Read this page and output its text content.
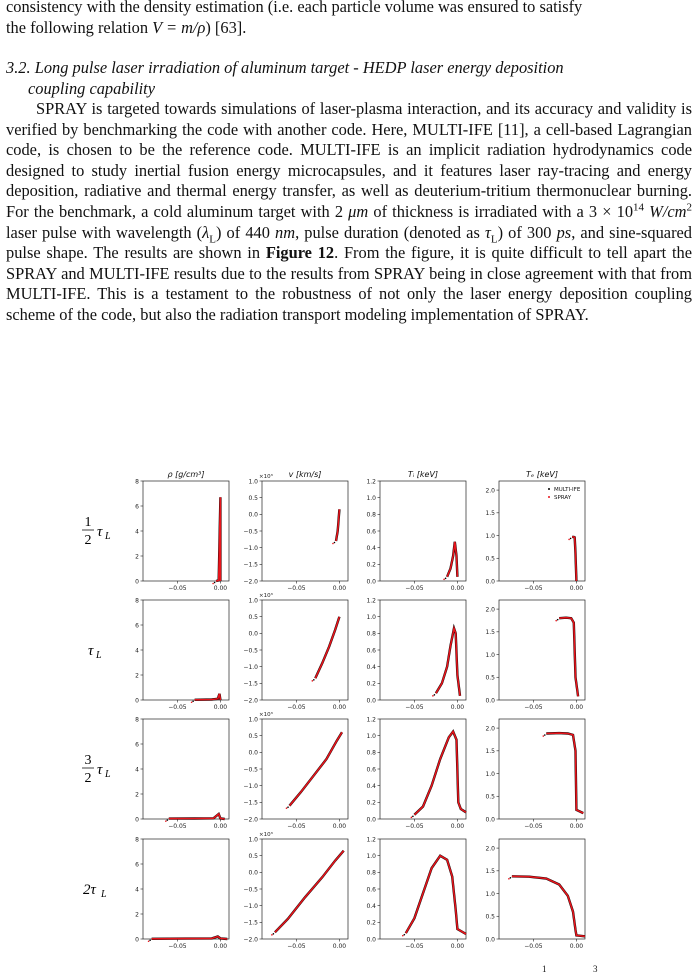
consistency with the density estimation (i.e. each particle volume was ensured to satisfy
the following relation V = m/ρ) [63].

3.2. Long pulse laser irradiation of aluminum target - HEDP laser energy deposition
coupling capability

SPRAY is targeted towards simulations of laser-plasma interaction, and its accuracy and validity is verified by benchmarking the code with another code. Here, MULTI-IFE [11], a cell-based Lagrangian code, is chosen to be the reference code. MULTI-IFE is an implicit radiation hydrodynamics code designed to study inertial fusion energy microcapsules, and it features laser ray-tracing and energy deposition, radiative and thermal energy transfer, as well as deuterium-tritium thermonuclear burning. For the benchmark, a cold aluminum target with 2 μm of thickness is irradiated with a $3 \times 10^{14}$ $W/cm^2$ laser pulse with wavelength $(\lambda_L)$ of 440 nm, pulse duration (denoted as $\tau_L$) of 300 ps, and sine-squared pulse shape. The results are shown in Figure 12. From the figure, it is quite difficult to tell apart the SPRAY and MULTI-IFE results due to the results from SPRAY being in close agreement with that from MULTI-IFE. This is a testament to the robustness of not only the laser energy deposition coupling scheme of the code, but also the radiation transport modeling implementation of SPRAY.

ρ [g/cm³]	v [km/s]	Tᵢ [keV]	Tₑ [keV]
1
2
τ L
τ L
3
2
τ L
2τ L
0
2
4
6
8
−0.05	0.00
−2.0
−1.5
−1.0
−0.5
0.0
0.5
1.0
−0.05	0.00
×10³
0.0
0.2
0.4
0.6
0.8
1.0
1.2
−0.05	0.00
0.0
0.5
1.0
1.5
2.0
−0.05	0.00
MULTI-IFE
SPRAY
0
2
4
6
8
−0.05	0.00
−2.0
−1.5
−1.0
−0.5
0.0
0.5
1.0
−0.05	0.00
×10³
0.0
0.2
0.4
0.6
0.8
1.0
1.2
−0.05	0.00
0.0
0.5
1.0
1.5
2.0
−0.05	0.00
0
2
4
6
8
−0.05	0.00
−2.0
−1.5
−1.0
−0.5
0.0
0.5
1.0
−0.05	0.00
×10³
0.0
0.2
0.4
0.6
0.8
1.0
1.2
−0.05	0.00
0.0
0.5
1.0
1.5
2.0
−0.05	0.00
0
2
4
6
8
−0.05	0.00
−2.0
−1.5
−1.0
−0.5
0.0
0.5
1.0
−0.05	0.00
×10³
0.0
0.2
0.4
0.6
0.8
1.0
1.2
−0.05	0.00
0.0
0.5
1.0
1.5
2.0
−0.05	0.00
1	3
